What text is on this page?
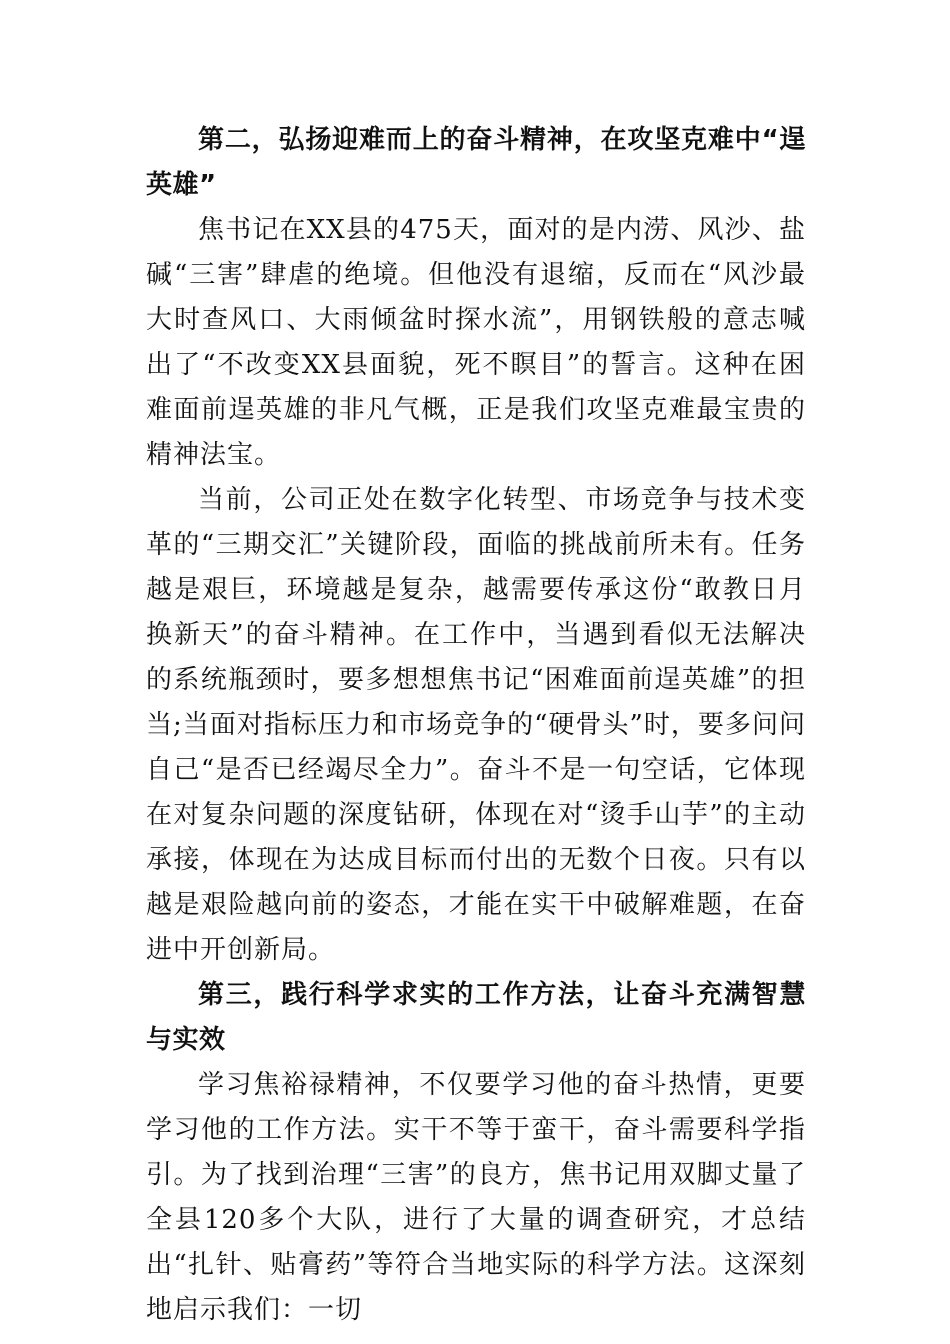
第二，弘扬迎难而上的奋斗精神，在攻坚克难中“逞英雄”

焦书记在XX县的475天，面对的是内涝、风沙、盐碱“三害”肆虐的绝境。但他没有退缩，反而在“风沙最大时查风口、大雨倾盆时探水流”，用钢铁般的意志喊出了“不改变XX县面貌，死不瞑目”的誓言。这种在困难面前逞英雄的非凡气概，正是我们攻坚克难最宝贵的精神法宝。

当前，公司正处在数字化转型、市场竞争与技术变革的“三期交汇”关键阶段，面临的挑战前所未有。任务越是艰巨，环境越是复杂，越需要传承这份“敢教日月换新天”的奋斗精神。在工作中，当遇到看似无法解决的系统瓶颈时，要多想想焦书记“困难面前逞英雄”的担当;当面对指标压力和市场竞争的“硬骨头”时，要多问问自己“是否已经竭尽全力”。奋斗不是一句空话，它体现在对复杂问题的深度钻研，体现在对“烫手山芋”的主动承接，体现在为达成目标而付出的无数个日夜。只有以越是艰险越向前的姿态，才能在实干中破解难题，在奋进中开创新局。

第三，践行科学求实的工作方法，让奋斗充满智慧与实效

学习焦裕禄精神，不仅要学习他的奋斗热情，更要学习他的工作方法。实干不等于蛮干，奋斗需要科学指引。为了找到治理“三害”的良方，焦书记用双脚丈量了全县120多个大队，进行了大量的调查研究，才总结出“扎针、贴膏药”等符合当地实际的科学方法。这深刻地启示我们：一切
